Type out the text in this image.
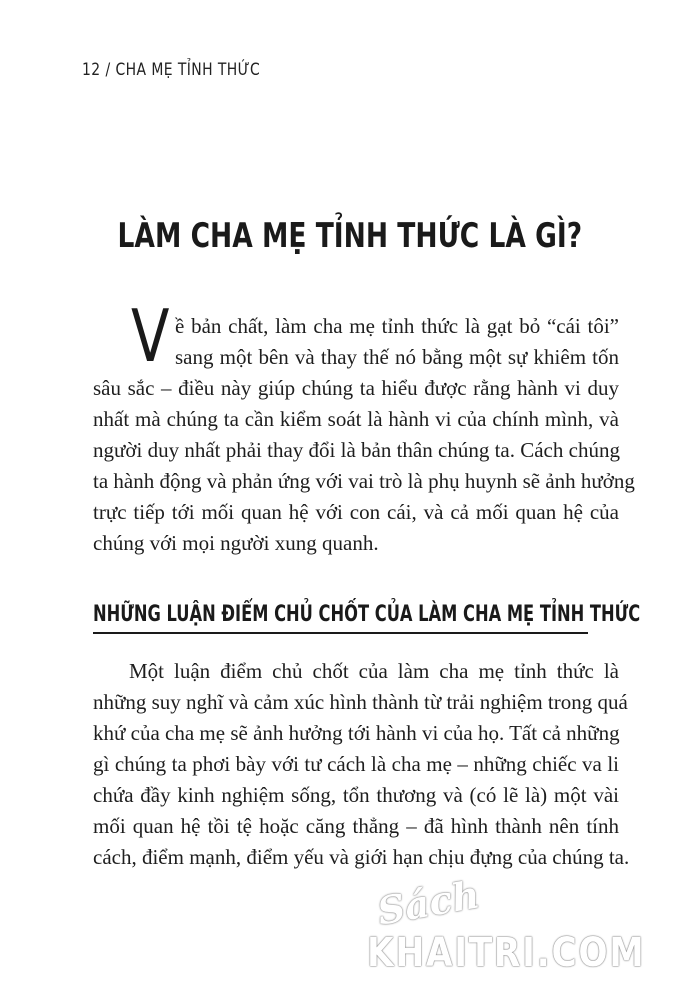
12 / CHA MẸ TỈNH THỨC
LÀM CHA MẸ TỈNH THỨC LÀ GÌ?
V ề bản chất, làm cha mẹ tỉnh thức là gạt bỏ “cái tôi”
sang một bên và thay thế nó bằng một sự khiêm tốn
sâu sắc – điều này giúp chúng ta hiểu được rằng hành vi duy
nhất mà chúng ta cần kiểm soát là hành vi của chính mình, và
người duy nhất phải thay đổi là bản thân chúng ta. Cách chúng
ta hành động và phản ứng với vai trò là phụ huynh sẽ ảnh hưởng
trực tiếp tới mối quan hệ với con cái, và cả mối quan hệ của
chúng với mọi người xung quanh.
NHỮNG LUẬN ĐIỂM CHỦ CHỐT CỦA LÀM CHA MẸ TỈNH THỨC
Một luận điểm chủ chốt của làm cha mẹ tỉnh thức là
những suy nghĩ và cảm xúc hình thành từ trải nghiệm trong quá
khứ của cha mẹ sẽ ảnh hưởng tới hành vi của họ. Tất cả những
gì chúng ta phơi bày với tư cách là cha mẹ – những chiếc va li
chứa đầy kinh nghiệm sống, tổn thương và (có lẽ là) một vài
mối quan hệ tồi tệ hoặc căng thẳng – đã hình thành nên tính
cách, điểm mạnh, điểm yếu và giới hạn chịu đựng của chúng ta.
Sách
KHAITRI.COM
